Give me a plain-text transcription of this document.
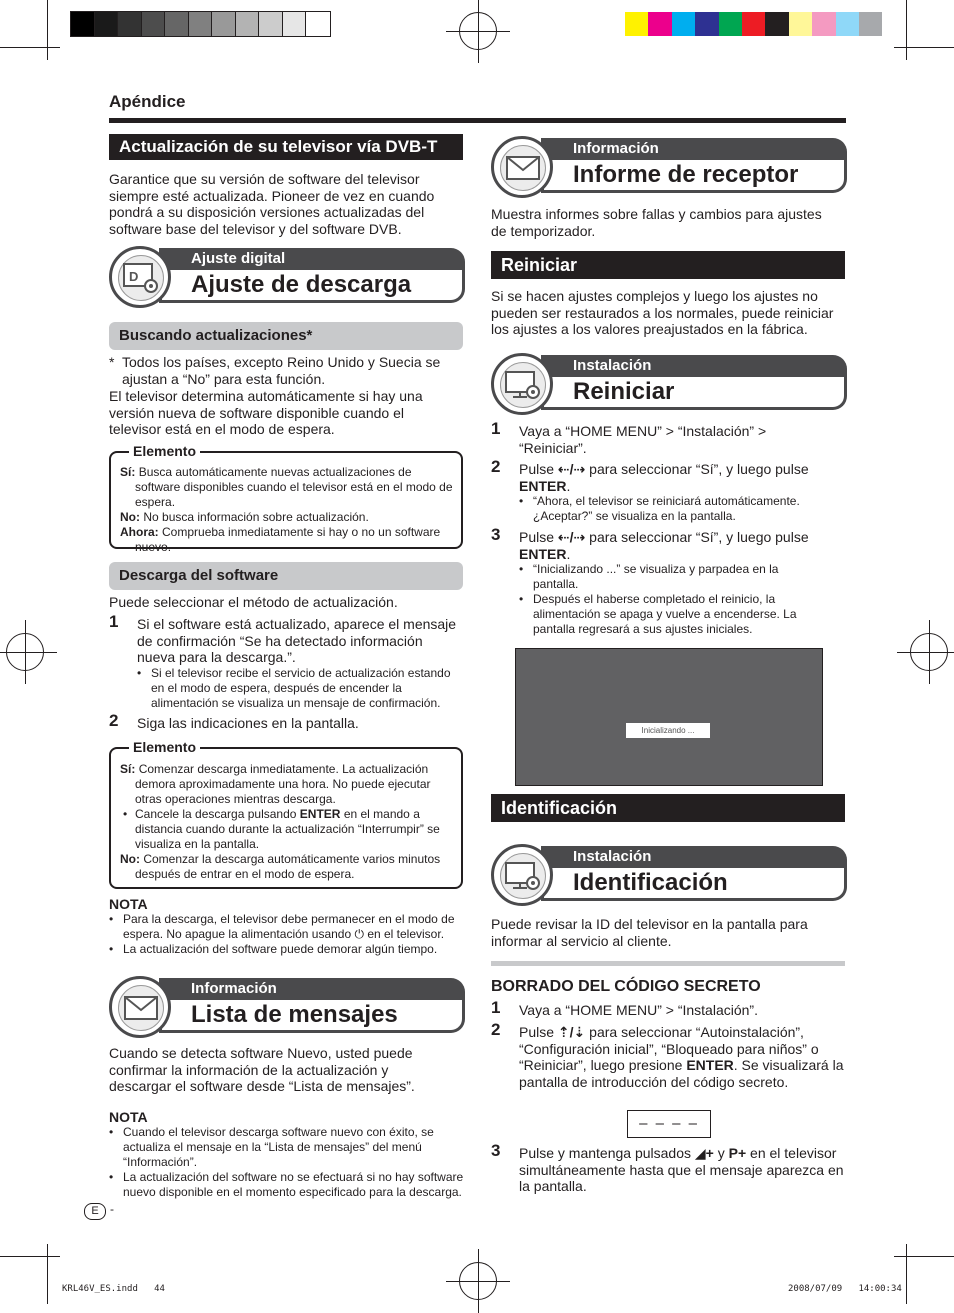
KRL46V_ES.indd   44	2008/07/09   14:00:34
Apéndice
Actualización de su televisor vía DVB-T

Garantice que su versión de software del televisor siempre esté actualizada. Pioneer de vez en cuando pondrá a su disposición versiones actualizadas del software base del televisor y del software DVB.

Ajuste digital
Ajuste de descarga
D
Buscando actualizaciones*
* Todos los países, excepto Reino Unido y Suecia se ajustan a “No” para esta función.

El televisor determina automáticamente si hay una versión nueva de software disponible cuando el televisor está en el modo de espera.

Elemento
Sí: Busca automáticamente nuevas actualizaciones de software disponibles cuando el televisor está en el modo de espera.
No: No busca información sobre actualización.
Ahora: Comprueba inmediatamente si hay o no un software nuevo.
Descarga del software

Puede seleccionar el método de actualización.

1 Si el software está actualizado, aparece el mensaje de confirmación “Se ha detectado información nueva para la descarga.”.

• Si el televisor recibe el servicio de actualización estando en el modo de espera, después de encender la alimentación se visualiza un mensaje de confirmación.
2 Siga las indicaciones en la pantalla.

Elemento
Sí: Comenzar descarga inmediatamente. La actualización demora aproximadamente una hora. No puede ejecutar otras operaciones mientras descarga.
• Cancele la descarga pulsando ENTER en el mando a distancia cuando durante la actualización “Interrumpir” se visualiza en la pantalla.
No: Comenzar la descarga automáticamente varios minutos después de entrar en el modo de espera.
NOTA
• Para la descarga, el televisor debe permanecer en el modo de espera. No apague la alimentación usando ⏻ en el televisor.
• La actualización del software puede demorar algún tiempo.
Información
Lista de mensajes

Cuando se detecta software Nuevo, usted puede confirmar la información de la actualización y descargar el software desde “Lista de mensajes”.

NOTA
• Cuando el televisor descarga software nuevo con éxito, se actualiza el mensaje en la “Lista de mensajes” del menú “Información”.
• La actualización del software no se efectuará si no hay software nuevo disponible en el momento especificado para la descarga.
E -
Información
Informe de receptor

Muestra informes sobre fallas y cambios para ajustes de temporizador.

Reiniciar

Si se hacen ajustes complejos y luego los ajustes no pueden ser restaurados a los normales, puede reiniciar los ajustes a los valores preajustados en la fábrica.

Instalación
Reiniciar
1 Vaya a “HOME MENU” > “Instalación” > “Reiniciar”.

2 Pulse ⇠/⇢ para seleccionar “Sí”, y luego pulse ENTER.

• “Ahora, el televisor se reiniciará automáticamente. ¿Aceptar?” se visualiza en la pantalla.
3 Pulse ⇠/⇢ para seleccionar “Sí”, y luego pulse ENTER.

• “Inicializando ...” se visualiza y parpadea en la pantalla.
• Después el haberse completado el reinicio, la alimentación se apaga y vuelve a encenderse. La pantalla regresará a sus ajustes iniciales.
Inicializando ...
Identificación
Instalación
Identificación

Puede revisar la ID del televisor en la pantalla para informar al servicio al cliente.

BORRADO DEL CÓDIGO SECRETO
1 Vaya a “HOME MENU” > “Instalación”.

2 Pulse ⇡/⇣ para seleccionar “Autoinstalación”, “Configuración inicial”, “Bloqueado para niños” o “Reiniciar”, luego presione ENTER. Se visualizará la pantalla de introducción del código secreto.

– – – –
3 Pulse y mantenga pulsados ◢+ y P+ en el televisor simultáneamente hasta que el mensaje aparezca en la pantalla.
